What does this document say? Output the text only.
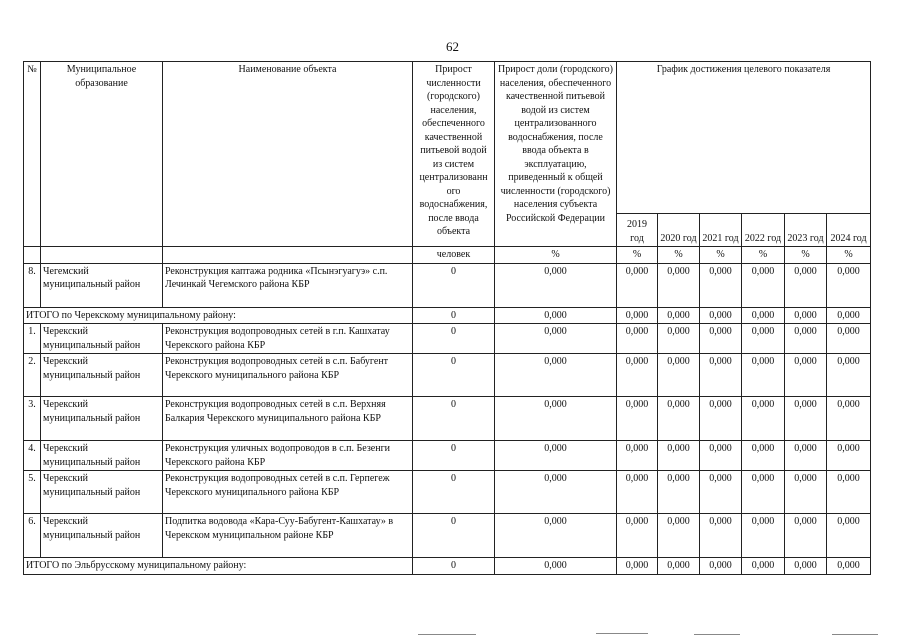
62
№	Муниципальное образование	Наименование объекта	Прирост численности (городского) населения, обеспеченного качественной питьевой водой из систем централизованн ого водоснабжения, после ввода объекта	Прирост доли (городского) населения, обеспеченного качественной питьевой водой из систем централизованного водоснабжения, после ввода объекта в эксплуатацию, приведенный к общей численности (городского) населения субъекта Российской Федерации	График достижения целевого показателя					
					2019 год	2020 год	2021 год	2022 год	2023 год	2024 год
			человек	%	%	%	%	%	%	%
8.	Чегемский муниципальный район	Реконструкция каптажа родника «Псынэгуагуэ» с.п. Лечинкай Чегемского района КБР	0	0,000	0,000	0,000	0,000	0,000	0,000	0,000
ИТОГО по Черекскому муниципальному району:			0	0,000	0,000	0,000	0,000	0,000	0,000	0,000
1.	Черекский муниципальный район	Реконструкция водопроводных сетей в г.п. Кашхатау Черекского района КБР	0	0,000	0,000	0,000	0,000	0,000	0,000	0,000
2.	Черекский муниципальный район	Реконструкция водопроводных сетей в с.п. Бабугент Черекского муниципального района КБР	0	0,000	0,000	0,000	0,000	0,000	0,000	0,000
3.	Черекский муниципальный район	Реконструкция водопроводных сетей в с.п. Верхняя Балкария Черекского муниципального района КБР	0	0,000	0,000	0,000	0,000	0,000	0,000	0,000
4.	Черекский муниципальный район	Реконструкция уличных водопроводов в с.п. Безенги Черекского района КБР	0	0,000	0,000	0,000	0,000	0,000	0,000	0,000
5.	Черекский муниципальный район	Реконструкция водопроводных сетей в с.п. Герпегеж Черекского муниципального района КБР	0	0,000	0,000	0,000	0,000	0,000	0,000	0,000
6.	Черекский муниципальный район	Подпитка водовода «Кара-Суу-Бабугент-Кашхатау» в Черекском муниципальном районе КБР	0	0,000	0,000	0,000	0,000	0,000	0,000	0,000
ИТОГО по Эльбрусскому муниципальному району:			0	0,000	0,000	0,000	0,000	0,000	0,000	0,000
